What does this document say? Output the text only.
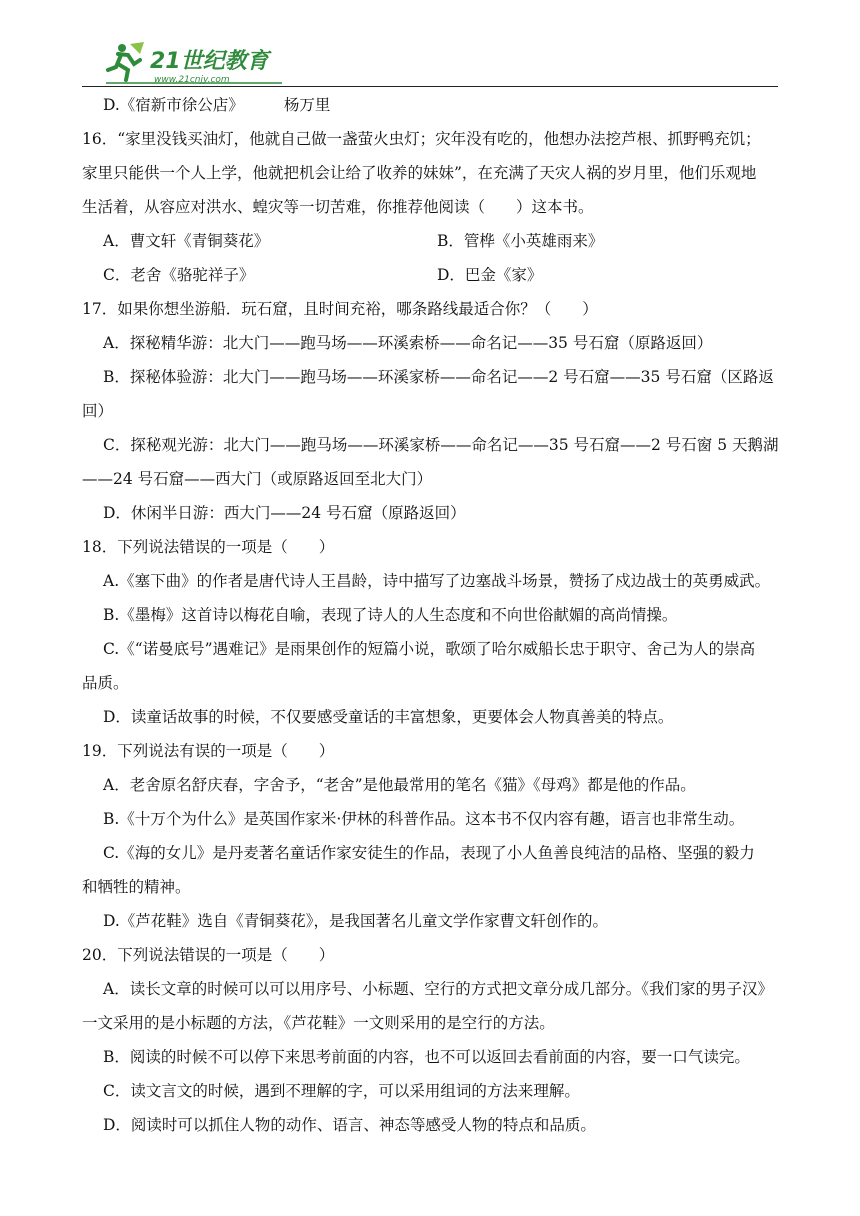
21世纪教育
www.21cnjy.com
D.《宿新市徐公店》	杨万里
16．“家里没钱买油灯，他就自己做一盏萤火虫灯；灾年没有吃的，他想办法挖芦根、抓野鸭充饥；
家里只能供一个人上学，他就把机会让给了收养的妹妹”，在充满了天灾人祸的岁月里，他们乐观地
生活着，从容应对洪水、蝗灾等一切苦难，你推荐他阅读（　　）这本书。
A．曹文轩《青铜葵花》	B．管桦《小英雄雨来》
C．老舍《骆驼祥子》	D．巴金《家》
17．如果你想坐游船．玩石窟，且时间充裕，哪条路线最适合你？（　　）
A．探秘精华游：北大门——跑马场——环溪索桥——命名记——35 号石窟（原路返回）
B．探秘体验游：北大门——跑马场——环溪家桥——命名记——2 号石窟——35 号石窟（区路返
回）
C．探秘观光游：北大门——跑马场——环溪家桥——命名记——35 号石窟——2 号石窗 5 天鹅湖
——24 号石窟——西大门（或原路返回至北大门）
D．休闲半日游：西大门——24 号石窟（原路返回）
18．下列说法错误的一项是（　　）
A.《塞下曲》的作者是唐代诗人王昌龄，诗中描写了边塞战斗场景，赞扬了戍边战士的英勇威武。
B.《墨梅》这首诗以梅花自喻，表现了诗人的人生态度和不向世俗献媚的高尚情操。
C.《“诺曼底号”遇难记》是雨果创作的短篇小说，歌颂了哈尔威船长忠于职守、舍己为人的崇高
品质。
D．读童话故事的时候，不仅要感受童话的丰富想象，更要体会人物真善美的特点。
19．下列说法有误的一项是（　　）
A．老舍原名舒庆春，字舍予，“老舍”是他最常用的笔名《猫》《母鸡》都是他的作品。
B.《十万个为什么》是英国作家米·伊林的科普作品。这本书不仅内容有趣，语言也非常生动。
C.《海的女儿》是丹麦著名童话作家安徒生的作品，表现了小人鱼善良纯洁的品格、坚强的毅力
和牺牲的精神。
D.《芦花鞋》选自《青铜葵花》，是我国著名儿童文学作家曹文轩创作的。
20．下列说法错误的一项是（　　）
A．读长文章的时候可以可以用序号、小标题、空行的方式把文章分成几部分。《我们家的男子汉》
一文采用的是小标题的方法，《芦花鞋》一文则采用的是空行的方法。
B．阅读的时候不可以停下来思考前面的内容，也不可以返回去看前面的内容，要一口气读完。
C．读文言文的时候，遇到不理解的字，可以采用组词的方法来理解。
D．阅读时可以抓住人物的动作、语言、神态等感受人物的特点和品质。
